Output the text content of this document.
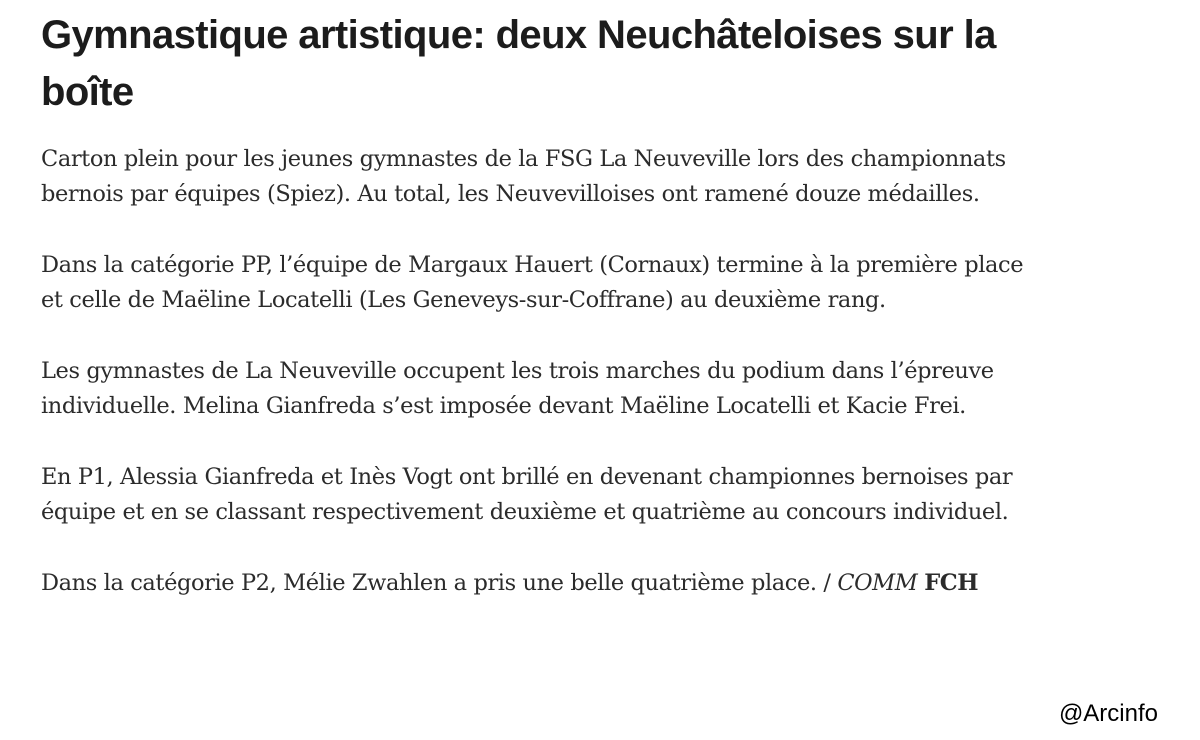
Gymnastique artistique: deux Neuchâteloises sur la boîte

Carton plein pour les jeunes gymnastes de la FSG La Neuveville lors des championnats bernois par équipes (Spiez). Au total, les Neuvevilloises ont ramené douze médailles.

Dans la catégorie PP, l’équipe de Margaux Hauert (Cornaux) termine à la première place et celle de Maëline Locatelli (Les Geneveys-sur-Coffrane) au deuxième rang.

Les gymnastes de La Neuveville occupent les trois marches du podium dans l’épreuve individuelle. Melina Gianfreda s’est imposée devant Maëline Locatelli et Kacie Frei.

En P1, Alessia Gianfreda et Inès Vogt ont brillé en devenant championnes bernoises par équipe et en se classant respectivement deuxième et quatrième au concours individuel.

Dans la catégorie P2, Mélie Zwahlen a pris une belle quatrième place. / COMM FCH

@Arcinfo
